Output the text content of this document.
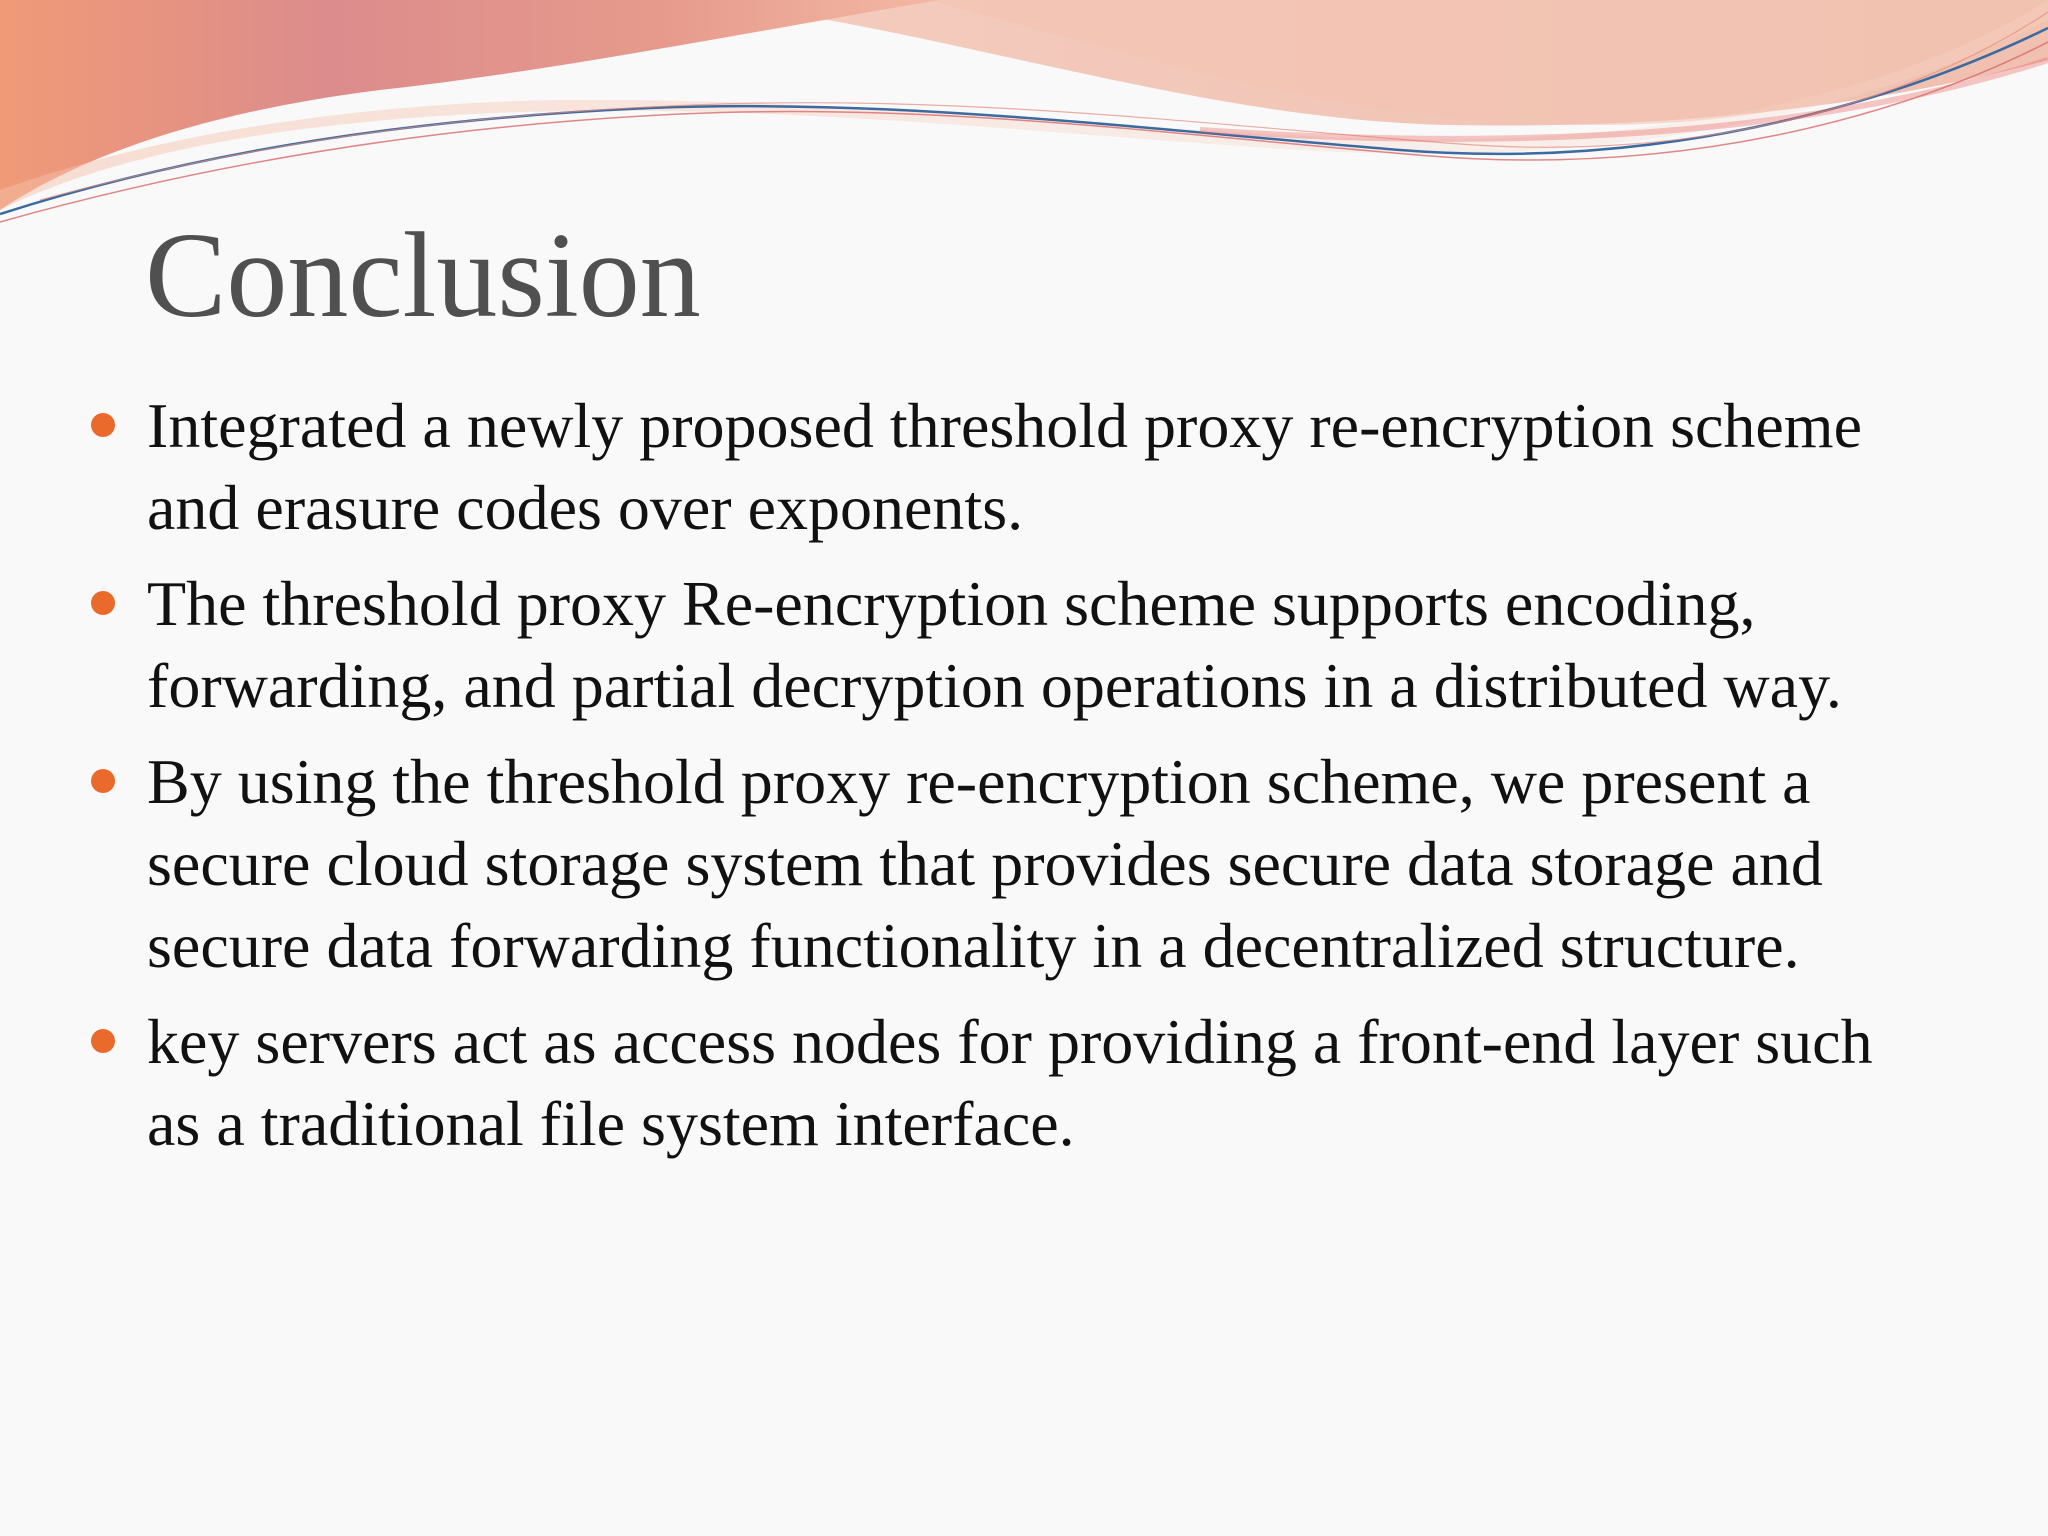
Conclusion
Integrated a newly proposed threshold proxy re-encryption scheme and erasure codes over exponents.
The threshold proxy Re-encryption scheme supports encoding, forwarding, and partial decryption operations in a distributed way.
By using the threshold proxy re-encryption scheme, we present a secure cloud storage system that provides secure data storage and secure data forwarding functionality in a decentralized structure.
key servers act as access nodes for providing a front-end layer such as a traditional file system interface.
